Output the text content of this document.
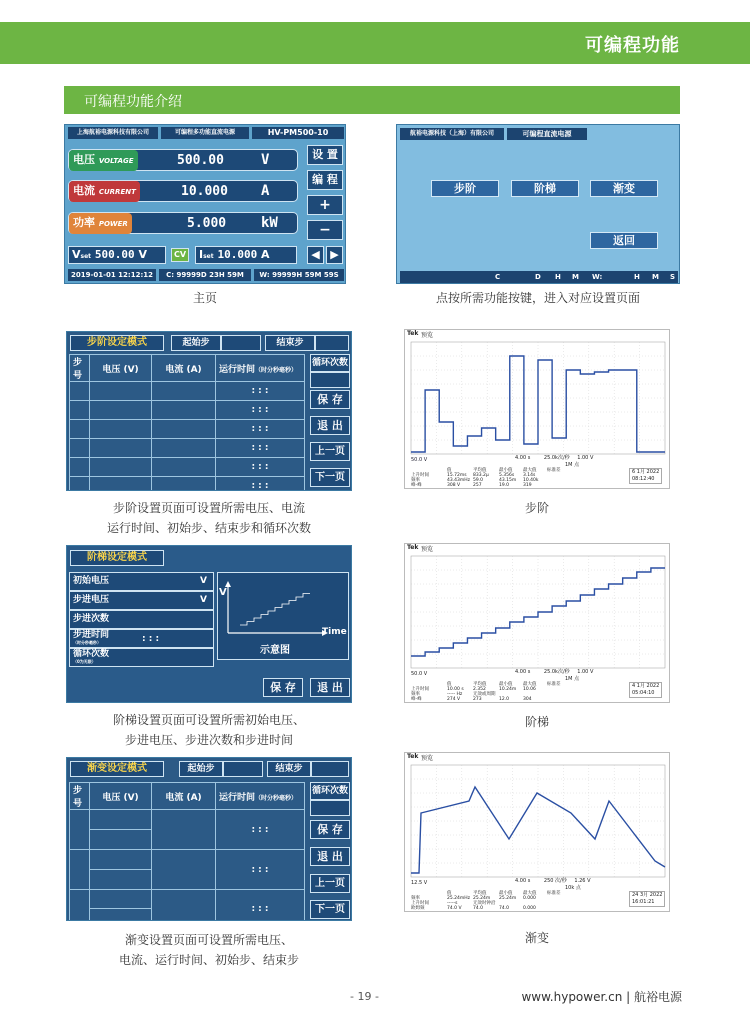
可编程功能
可编程功能介绍
上海航裕电源科技有限公司	可编程多功能直流电源	HV-PM500-10
电压 VOLTAGE	500.00	V
电流 CURRENT	10.000 A
功率 POWER	5.000 kW
设 置
编 程
+
−
Vset 500.00 V	CV	Iset 10.000 A	◀ ▶
2019-01-01 12:12:12	C: 99999D 23H 59M	W: 99999H 59M 59S
主页
航裕电源科技（上海）有限公司	可编程直流电源
步阶	阶梯	渐变
返回
C	D H M W:	H M S
点按所需功能按键，进入对应设置页面
步阶设定模式	起始步	结束步
步号	电压 (V)	电流 (A)	运行时间（时分秒毫秒）
			: : :
			: : :
			: : :
			: : :
			: : :
			: : :
循环次数
保 存
退 出
上一页
下一页
步阶设置页面可设置所需电压、电流
运行时间、初始步、结束步和循环次数
Tek 预览
50.0 V	4.00 s	25.0k次/秒 1.00 V
1M 点
	值	平均值	最小值	最大值	标准差
上升时间	15.72ms	833.2µ	5.356s	3.14s	
频率	43.43mHz	59.0	43.15m	10.40k	
峰-峰	308 V	257	19.0	319	
6 1月 2022
08:12:40
步阶
阶梯设定模式
初始电压	V
步进电压	V
步进次数
步进时间	: : :
（时分秒毫秒）
循环次数
（0为无限）
V
Time
示意图
保 存	退 出
阶梯设置页面可设置所需初始电压、
步进电压、步进次数和步进时间
Tek 预览
50.0 V	4.00 s	25.0k次/秒 1.00 V
1M 点
	值	平均值	最小值	最大值	标准差
上升时间	10.00 s	2.352	10.24m	10.06	
频率	----- Hz	无效或周期			
峰-峰	274 V	273	12.0	304	
4 1月 2022
05:04:10
阶梯
渐变设定模式	起始步	结束步
步号	电压 (V)	电流 (A)	运行时间（时分秒毫秒）
			: : :

			: : :

			: : :

循环次数
保 存
退 出
上一页
下一页
渐变设置页面可设置所需电压、
电流、运行时间、初始步、结束步
Tek 预览
12.5 V	4.00 s	250 次/秒 1.26 V
10k 点
	值	平均值	最小值	最大值	标准差
频率	25.24mHz	25.24m	25.24m	0.000	
上升时间	-----s	无效时钟沿			
欧姆频	74.0 V	74.0	74.0	0.000	
24 3月 2022
16:01:21
渐变
- 19 -	www.hypower.cn | 航裕电源
